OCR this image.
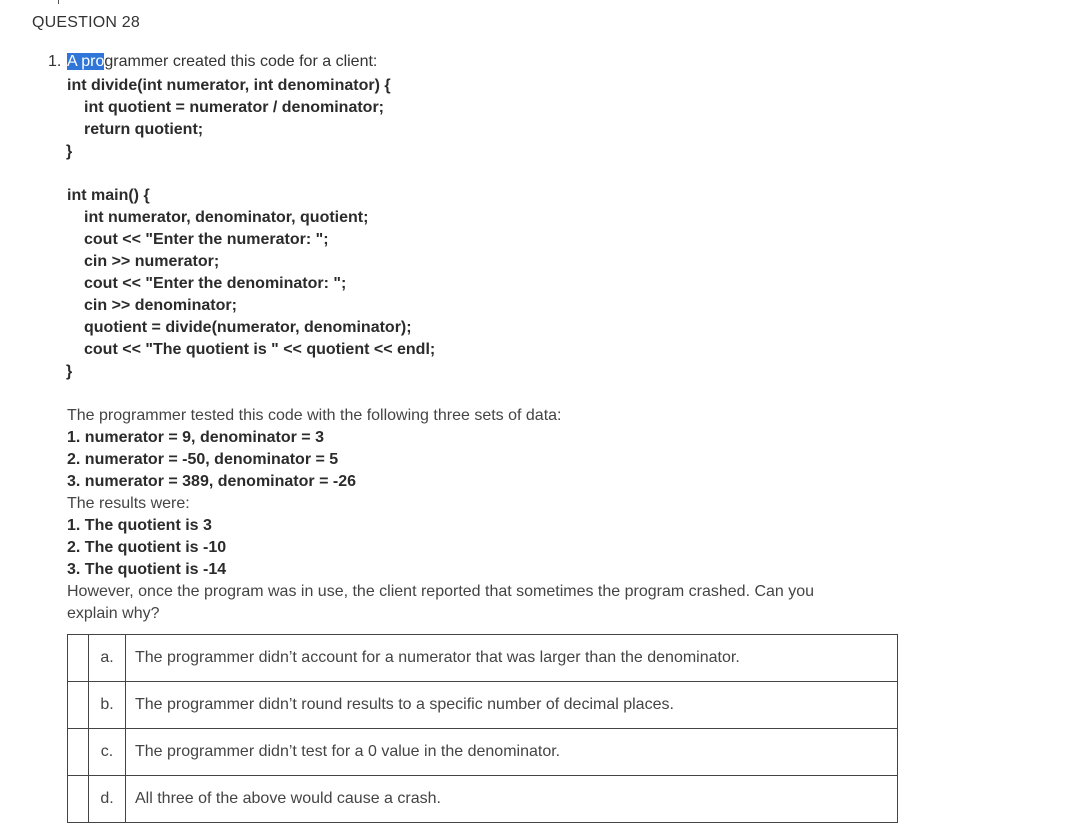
QUESTION 28
1. A programmer created this code for a client:
int divide(int numerator, int denominator) {
int quotient = numerator / denominator;
return quotient;
}
int main() {
int numerator, denominator, quotient;
cout << "Enter the numerator: ";
cin >> numerator;
cout << "Enter the denominator: ";
cin >> denominator;
quotient = divide(numerator, denominator);
cout << "The quotient is " << quotient << endl;
}
The programmer tested this code with the following three sets of data:
1. numerator = 9, denominator = 3
2. numerator = -50, denominator = 5
3. numerator = 389, denominator = -26
The results were:
1. The quotient is 3
2. The quotient is -10
3. The quotient is -14
However, once the program was in use, the client reported that sometimes the program crashed. Can you
explain why?
	a.	The programmer didn’t account for a numerator that was larger than the denominator.
	b.	The programmer didn’t round results to a specific number of decimal places.
	c.	The programmer didn’t test for a 0 value in the denominator.
	d.	All three of the above would cause a crash.
